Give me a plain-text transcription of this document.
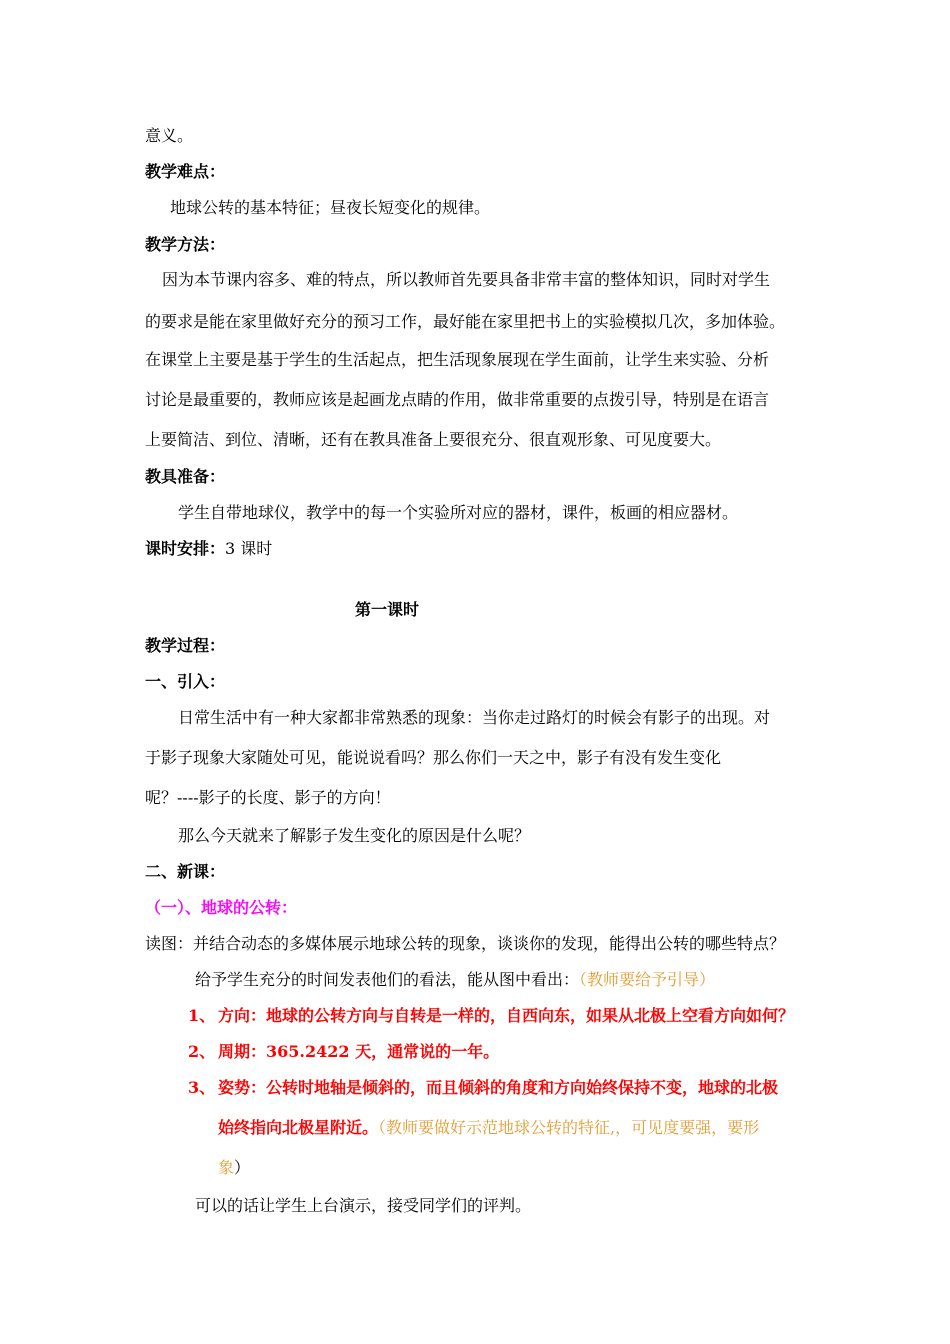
意义。
教学难点：
地球公转的基本特征；昼夜长短变化的规律。
教学方法：
因为本节课内容多、难的特点，所以教师首先要具备非常丰富的整体知识，同时对学生
的要求是能在家里做好充分的预习工作，最好能在家里把书上的实验模拟几次，多加体验。
在课堂上主要是基于学生的生活起点，把生活现象展现在学生面前，让学生来实验、分析
讨论是最重要的，教师应该是起画龙点睛的作用，做非常重要的点拨引导，特别是在语言
上要简洁、到位、清晰，还有在教具准备上要很充分、很直观形象、可见度要大。
教具准备：
学生自带地球仪，教学中的每一个实验所对应的器材，课件，板画的相应器材。
课时安排：3 课时
第一课时
教学过程：
一、引入：
日常生活中有一种大家都非常熟悉的现象：当你走过路灯的时候会有影子的出现。对
于影子现象大家随处可见，能说说看吗？那么你们一天之中，影子有没有发生变化
呢？----影子的长度、影子的方向！
那么今天就来了解影子发生变化的原因是什么呢？
二、新课：
（一）、地球的公转：
读图：并结合动态的多媒体展示地球公转的现象，谈谈你的发现，能得出公转的哪些特点？
给予学生充分的时间发表他们的看法，能从图中看出：（教师要给予引导）
1、 方向：地球的公转方向与自转是一样的，自西向东，如果从北极上空看方向如何？
2、 周期：365.2422 天，通常说的一年。
3、 姿势：公转时地轴是倾斜的，而且倾斜的角度和方向始终保持不变，地球的北极
始终指向北极星附近。（教师要做好示范地球公转的特征,，可见度要强，要形
象）
可以的话让学生上台演示，接受同学们的评判。
